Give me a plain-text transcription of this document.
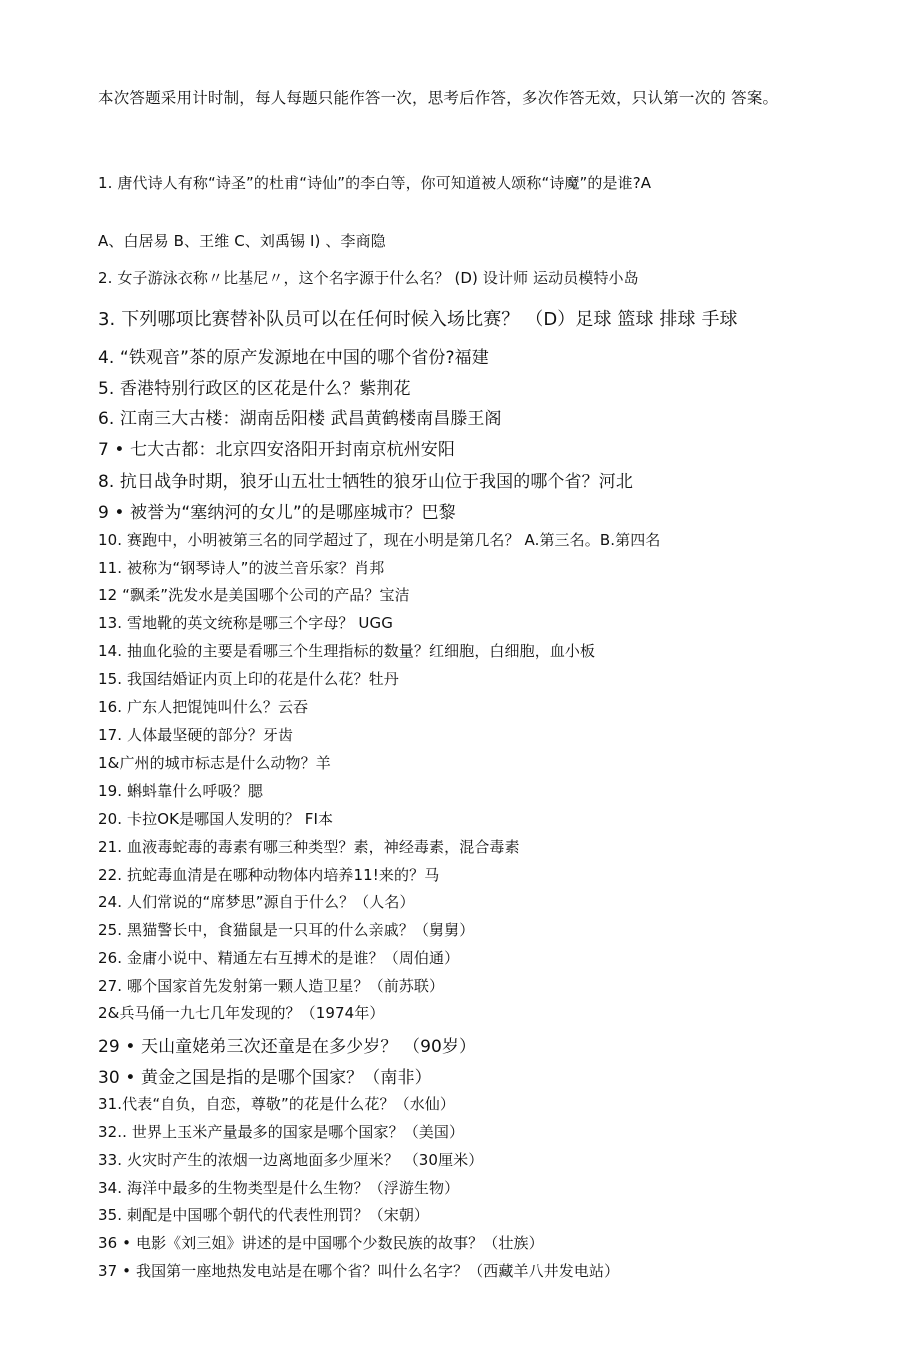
本次答题采用计时制，每人每题只能作答一次，思考后作答，多次作答无效，只认第一次的 答案。
1. 唐代诗人有称“诗圣”的杜甫“诗仙”的李白等，你可知道被人颂称“诗魔”的是谁?A
A、白居易 B、王维 C、刘禹锡 I) 、李商隐
2. 女子游泳衣称〃比基尼〃，这个名字源于什么名？ (D) 设计师 运动员模特小岛
3. 下列哪项比赛替补队员可以在任何时候入场比赛？ （D）足球 篮球 排球 手球
4. “铁观音”茶的原产发源地在中国的哪个省份?福建
5. 香港特别行政区的区花是什么？紫荆花
6. 江南三大古楼：湖南岳阳楼 武昌黄鹤楼南昌滕王阁
7 • 七大古都：北京四安洛阳开封南京杭州安阳
8. 抗日战争时期，狼牙山五壮士牺牲的狼牙山位于我国的哪个省？河北
9 • 被誉为“塞纳河的女儿”的是哪座城市？巴黎
10. 赛跑中，小明被第三名的同学超过了，现在小明是第几名？ A.第三名。B.第四名
11. 被称为“钢琴诗人”的波兰音乐家？肖邦
12 “飘柔”洗发水是美国哪个公司的产品？宝洁
13. 雪地靴的英文统称是哪三个字母？ UGG
14. 抽血化验的主要是看哪三个生理指标的数量？红细胞，白细胞，血小板
15. 我国结婚证内页上印的花是什么花？牡丹
16. 广东人把馄饨叫什么？云吞
17. 人体最坚硬的部分？牙齿
1&广州的城市标志是什么动物？羊
19. 蝌蚪靠什么呼吸？腮
20. 卡拉OK是哪国人发明的？ FI本
21. 血液毒蛇毒的毒素有哪三种类型？素，神经毒素，混合毒素
22. 抗蛇毒血清是在哪种动物体内培养11!来的？马
24. 人们常说的“席梦思”源自于什么？（人名）
25. 黑猫警长中，食猫鼠是一只耳的什么亲戚？（舅舅）
26. 金庸小说中、精通左右互搏术的是谁？（周伯通）
27. 哪个国家首先发射第一颗人造卫星？（前苏联）
2&兵马俑一九七几年发现的？（1974年）
29 • 天山童姥弟三次还童是在多少岁？ （90岁）
30 • 黄金之国是指的是哪个国家？（南非）
31.代表“自负，自恋，尊敬”的花是什么花？（水仙）
32.. 世界上玉米产量最多的国家是哪个国家？（美国）
33. 火灾时产生的浓烟一边离地面多少厘米？ （30厘米）
34. 海洋中最多的生物类型是什么生物？（浮游生物）
35. 刺配是中国哪个朝代的代表性刑罚？（宋朝）
36 • 电影《刘三姐》讲述的是中国哪个少数民族的故事？（壮族）
37 • 我国第一座地热发电站是在哪个省？叫什么名字？（西藏羊八井发电站）
